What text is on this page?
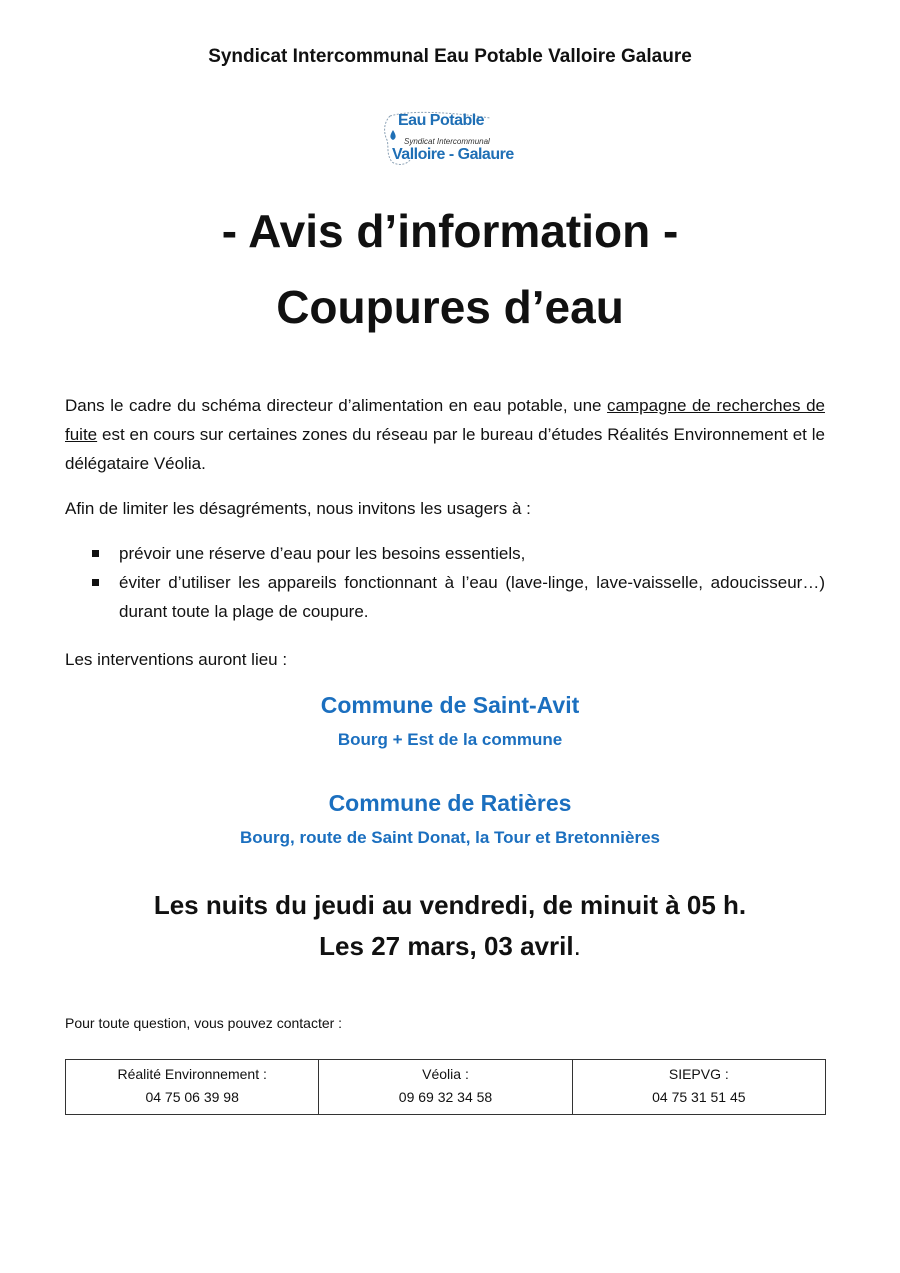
Syndicat Intercommunal Eau Potable Valloire Galaure
Eau Potable
Syndicat Intercommunal
Valloire - Galaure
- Avis d’information -
Coupures d’eau
Dans le cadre du schéma directeur d’alimentation en eau potable, une campagne de recherches de fuite est en cours sur certaines zones du réseau par le bureau d’études Réalités Environnement et le délégataire Véolia.
Afin de limiter les désagréments, nous invitons les usagers à :
prévoir une réserve d’eau pour les besoins essentiels,
éviter d’utiliser les appareils fonctionnant à l’eau (lave-linge, lave-vaisselle, adoucisseur…) durant toute la plage de coupure.
Les interventions auront lieu :
Commune de Saint-Avit
Bourg + Est de la commune
Commune de Ratières
Bourg, route de Saint Donat, la Tour et Bretonnières
Les nuits du jeudi au vendredi, de minuit à 05 h.
Les 27 mars, 03 avril.
Pour toute question, vous pouvez contacter :
Réalité Environnement :
04 75 06 39 98

Véolia :
09 69 32 34 58

SIEPVG :
04 75 31 51 45
